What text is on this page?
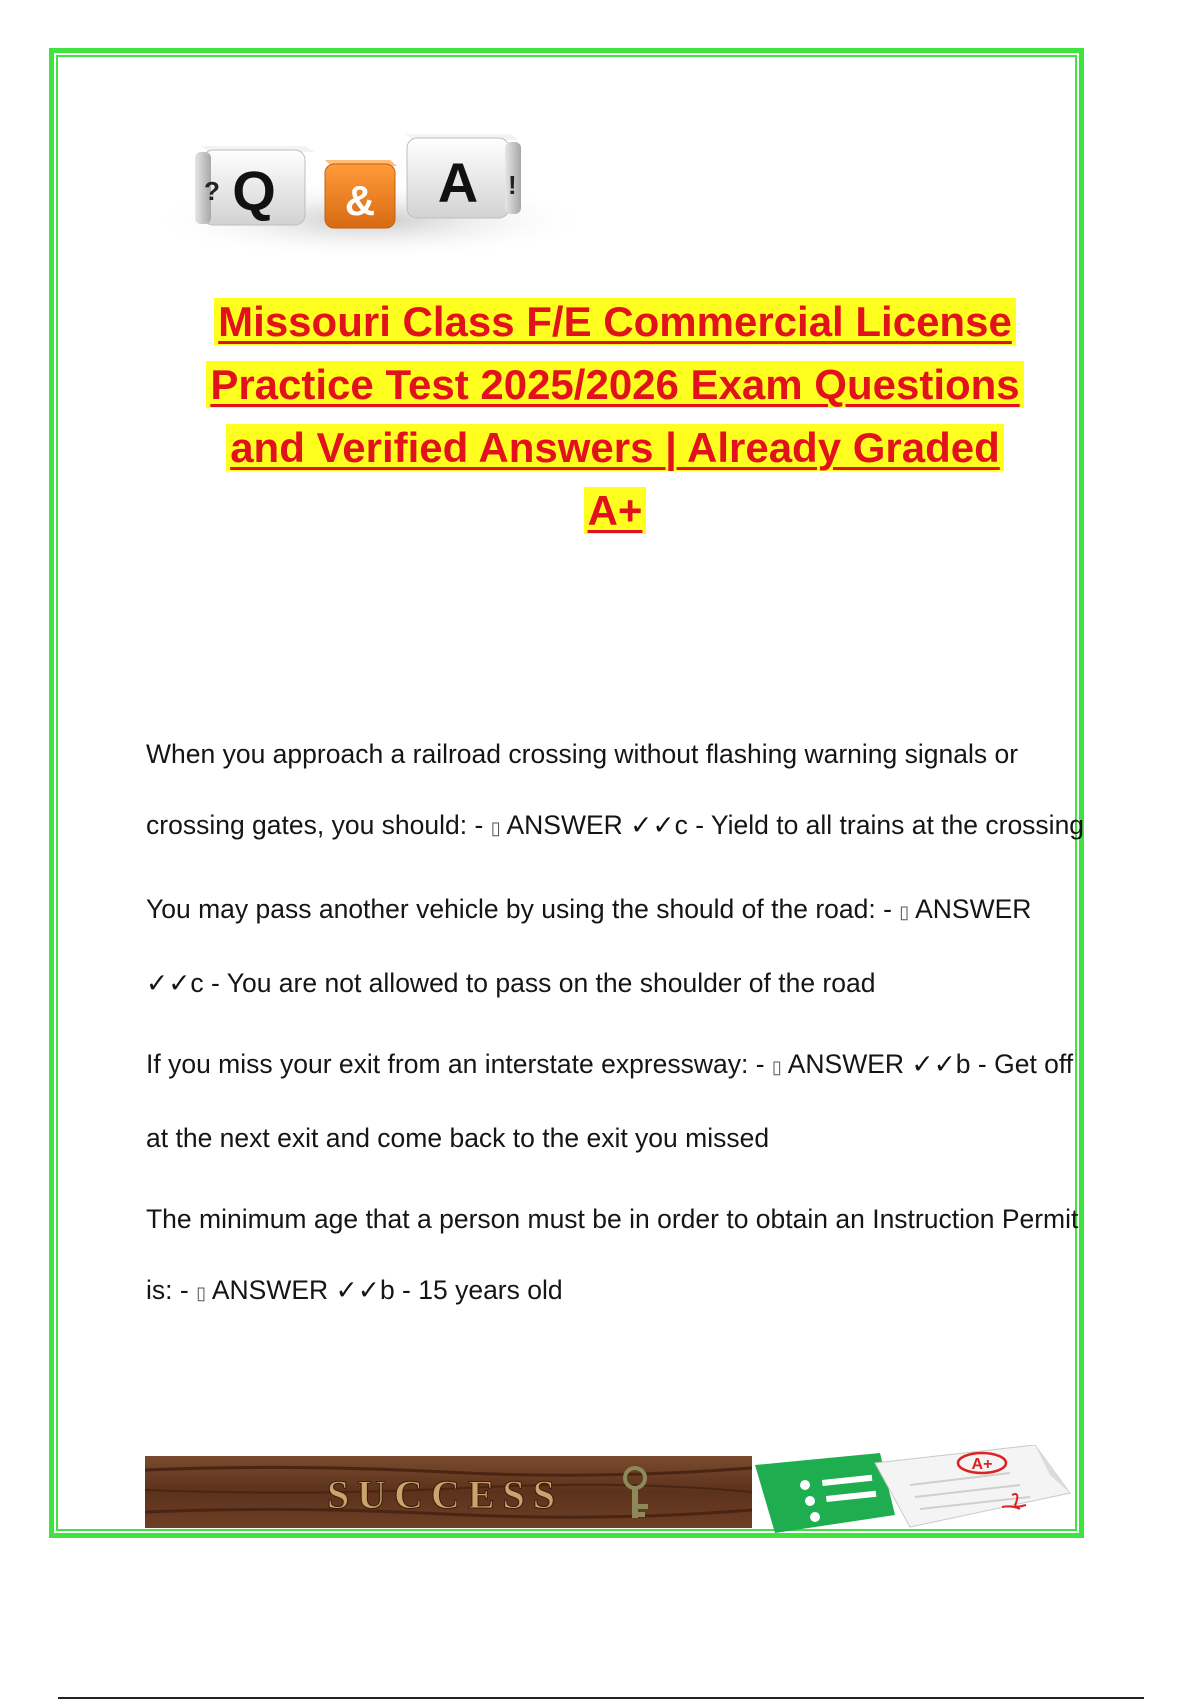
? Q &	!
A
Missouri Class F/E Commercial License
Practice Test 2025/2026 Exam Questions
and Verified Answers | Already Graded
A+

When you approach a railroad crossing without flashing warning signals or crossing gates, you should: - ▯ ANSWER ✓✓c - Yield to all trains at the crossing

You may pass another vehicle by using the should of the road: - ▯ ANSWER ✓✓c - You are not allowed to pass on the shoulder of the road

If you miss your exit from an interstate expressway: - ▯ ANSWER ✓✓b - Get off at the next exit and come back to the exit you missed

The minimum age that a person must be in order to obtain an Instruction Permit is: - ▯ ANSWER ✓✓b - 15 years old

SUCCESS
A+
